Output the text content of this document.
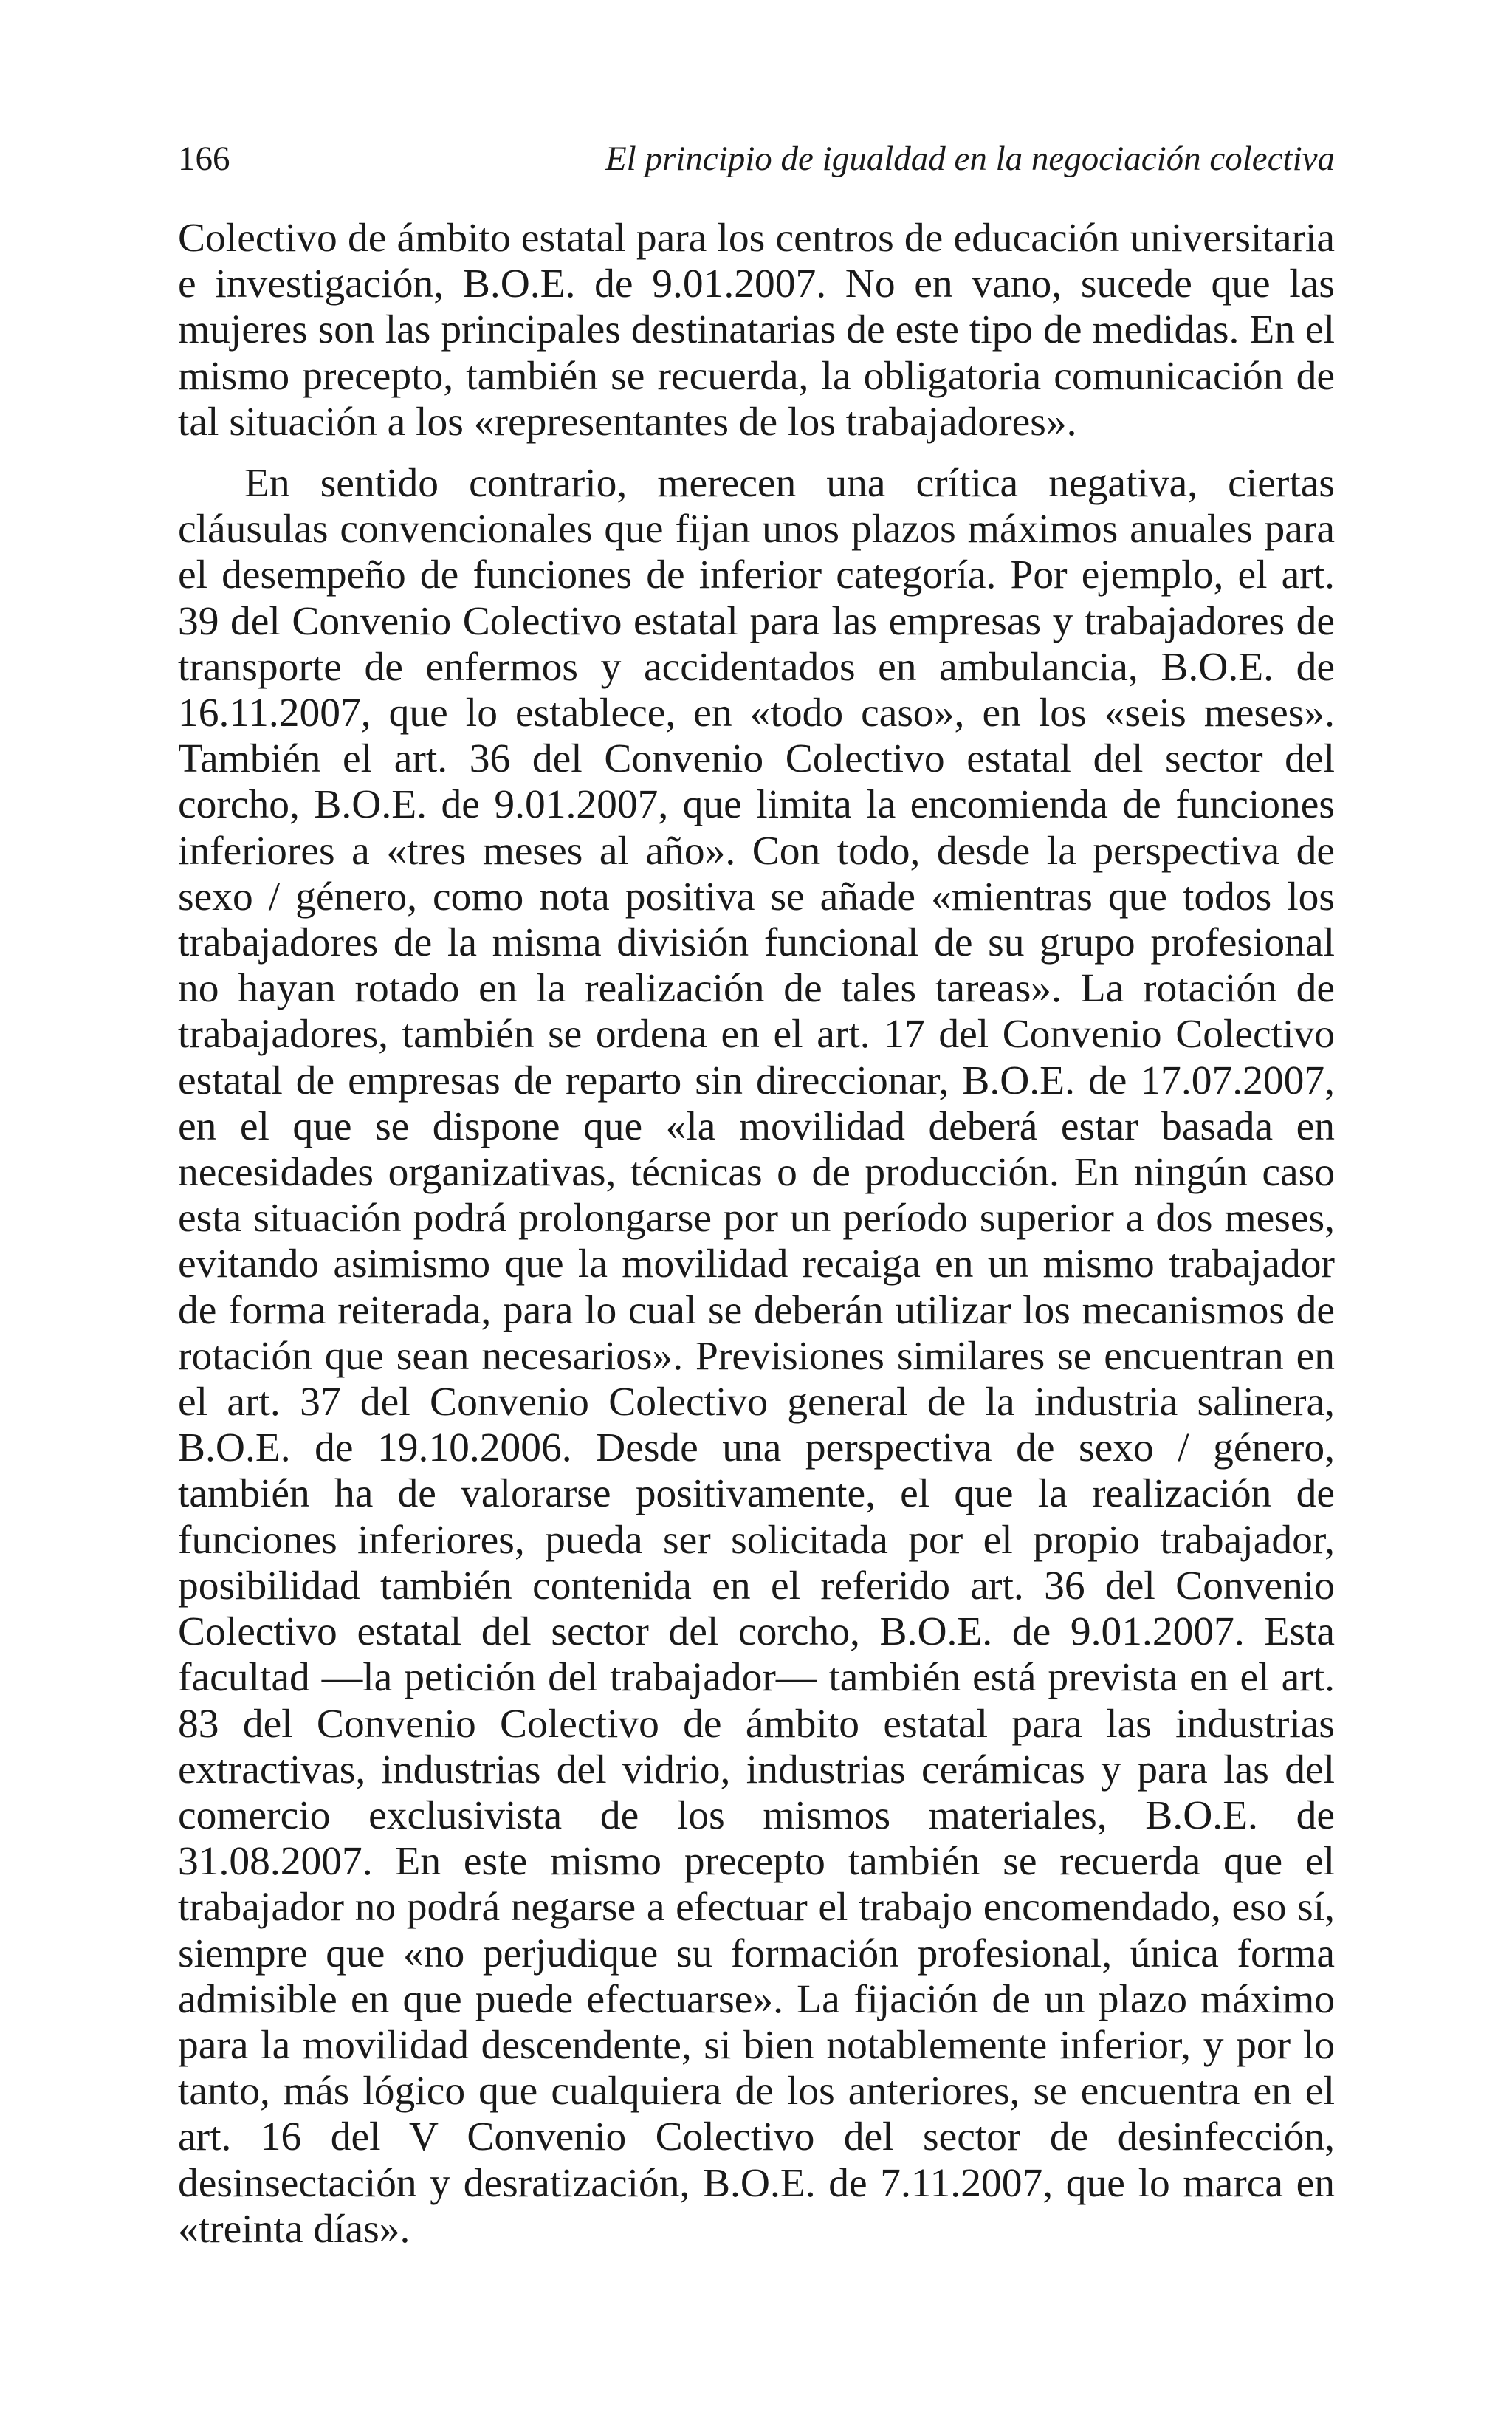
166	El principio de igualdad en la negociación colectiva

Colectivo de ámbito estatal para los centros de educación universitaria e investigación, B.O.E. de 9.01.2007. No en vano, sucede que las mujeres son las principales destinatarias de este tipo de medidas. En el mismo precepto, también se recuerda, la obligatoria comunicación de tal situación a los «representantes de los trabajadores».

En sentido contrario, merecen una crítica negativa, ciertas cláusulas convencionales que fijan unos plazos máximos anuales para el desempeño de funciones de inferior categoría. Por ejemplo, el art. 39 del Convenio Colectivo estatal para las empresas y trabajadores de transporte de enfermos y accidentados en ambulancia, B.O.E. de 16.11.2007, que lo establece, en «todo caso», en los «seis meses». También el art. 36 del Convenio Colectivo estatal del sector del corcho, B.O.E. de 9.01.2007, que limita la encomienda de funciones inferiores a «tres meses al año». Con todo, desde la perspectiva de sexo / género, como nota positiva se añade «mientras que todos los trabajadores de la misma división funcional de su grupo profesional no hayan rotado en la realización de tales tareas». La rotación de trabajadores, también se ordena en el art. 17 del Convenio Colectivo estatal de empresas de reparto sin direccionar, B.O.E. de 17.07.2007, en el que se dispone que «la movilidad deberá estar basada en necesidades organizativas, técnicas o de producción. En ningún caso esta situación podrá prolongarse por un período superior a dos meses, evitando asimismo que la movilidad recaiga en un mismo trabajador de forma reiterada, para lo cual se deberán utilizar los mecanismos de rotación que sean necesarios». Previsiones similares se encuentran en el art. 37 del Convenio Colectivo general de la industria salinera, B.O.E. de 19.10.2006. Desde una perspectiva de sexo / género, también ha de valorarse positivamente, el que la realización de funciones inferiores, pueda ser solicitada por el propio trabajador, posibilidad también contenida en el referido art. 36 del Convenio Colectivo estatal del sector del corcho, B.O.E. de 9.01.2007. Esta facultad —la petición del trabajador— también está prevista en el art. 83 del Convenio Colectivo de ámbito estatal para las industrias extractivas, industrias del vidrio, industrias cerámicas y para las del comercio exclusivista de los mismos materiales, B.O.E. de 31.08.2007. En este mismo precepto también se recuerda que el trabajador no podrá negarse a efectuar el trabajo encomendado, eso sí, siempre que «no perjudique su formación profesional, única forma admisible en que puede efectuarse». La fijación de un plazo máximo para la movilidad descendente, si bien notablemente inferior, y por lo tanto, más lógico que cualquiera de los anteriores, se encuentra en el art. 16 del V Convenio Colectivo del sector de desinfección, desinsectación y desratización, B.O.E. de 7.11.2007, que lo marca en «treinta días».
